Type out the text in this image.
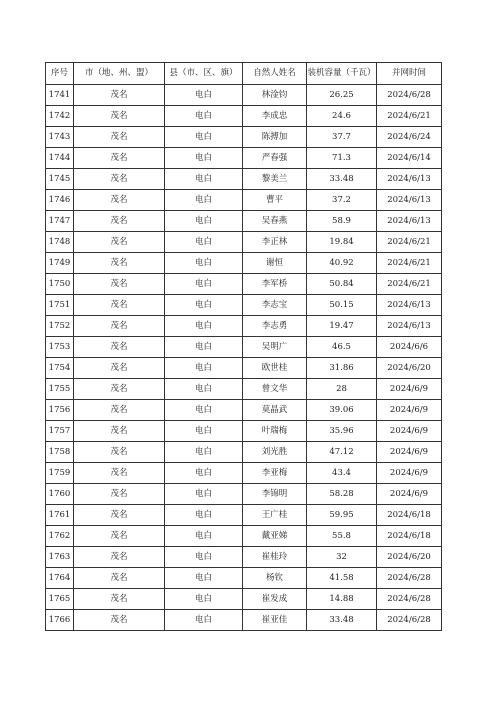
序号	市（地、州、盟）	县（市、区、旗）	自然人姓名	装机容量（千瓦）	并网时间
1741	茂名	电白	林淦钧	26.25	2024/6/28
1742	茂名	电白	李成忠	24.6	2024/6/21
1743	茂名	电白	陈搏加	37.7	2024/6/24
1744	茂名	电白	严春强	71.3	2024/6/14
1745	茂名	电白	黎美兰	33.48	2024/6/13
1746	茂名	电白	曹平	37.2	2024/6/13
1747	茂名	电白	吴春燕	58.9	2024/6/13
1748	茂名	电白	李正林	19.84	2024/6/21
1749	茂名	电白	谢恒	40.92	2024/6/21
1750	茂名	电白	李军桥	50.84	2024/6/21
1751	茂名	电白	李志宝	50.15	2024/6/13
1752	茂名	电白	李志勇	19.47	2024/6/13
1753	茂名	电白	吴明广	46.5	2024/6/6
1754	茂名	电白	欧世桂	31.86	2024/6/20
1755	茂名	电白	曾文华	28	2024/6/9
1756	茂名	电白	莫晶武	39.06	2024/6/9
1757	茂名	电白	叶瑞梅	35.96	2024/6/9
1758	茂名	电白	刘光胜	47.12	2024/6/9
1759	茂名	电白	李亚梅	43.4	2024/6/9
1760	茂名	电白	李锦明	58.28	2024/6/9
1761	茂名	电白	王广桂	59.95	2024/6/18
1762	茂名	电白	戴亚娣	55.8	2024/6/18
1763	茂名	电白	崔桂玲	32	2024/6/20
1764	茂名	电白	杨钦	41.58	2024/6/28
1765	茂名	电白	崔发成	14.88	2024/6/28
1766	茂名	电白	崔亚佳	33.48	2024/6/28
